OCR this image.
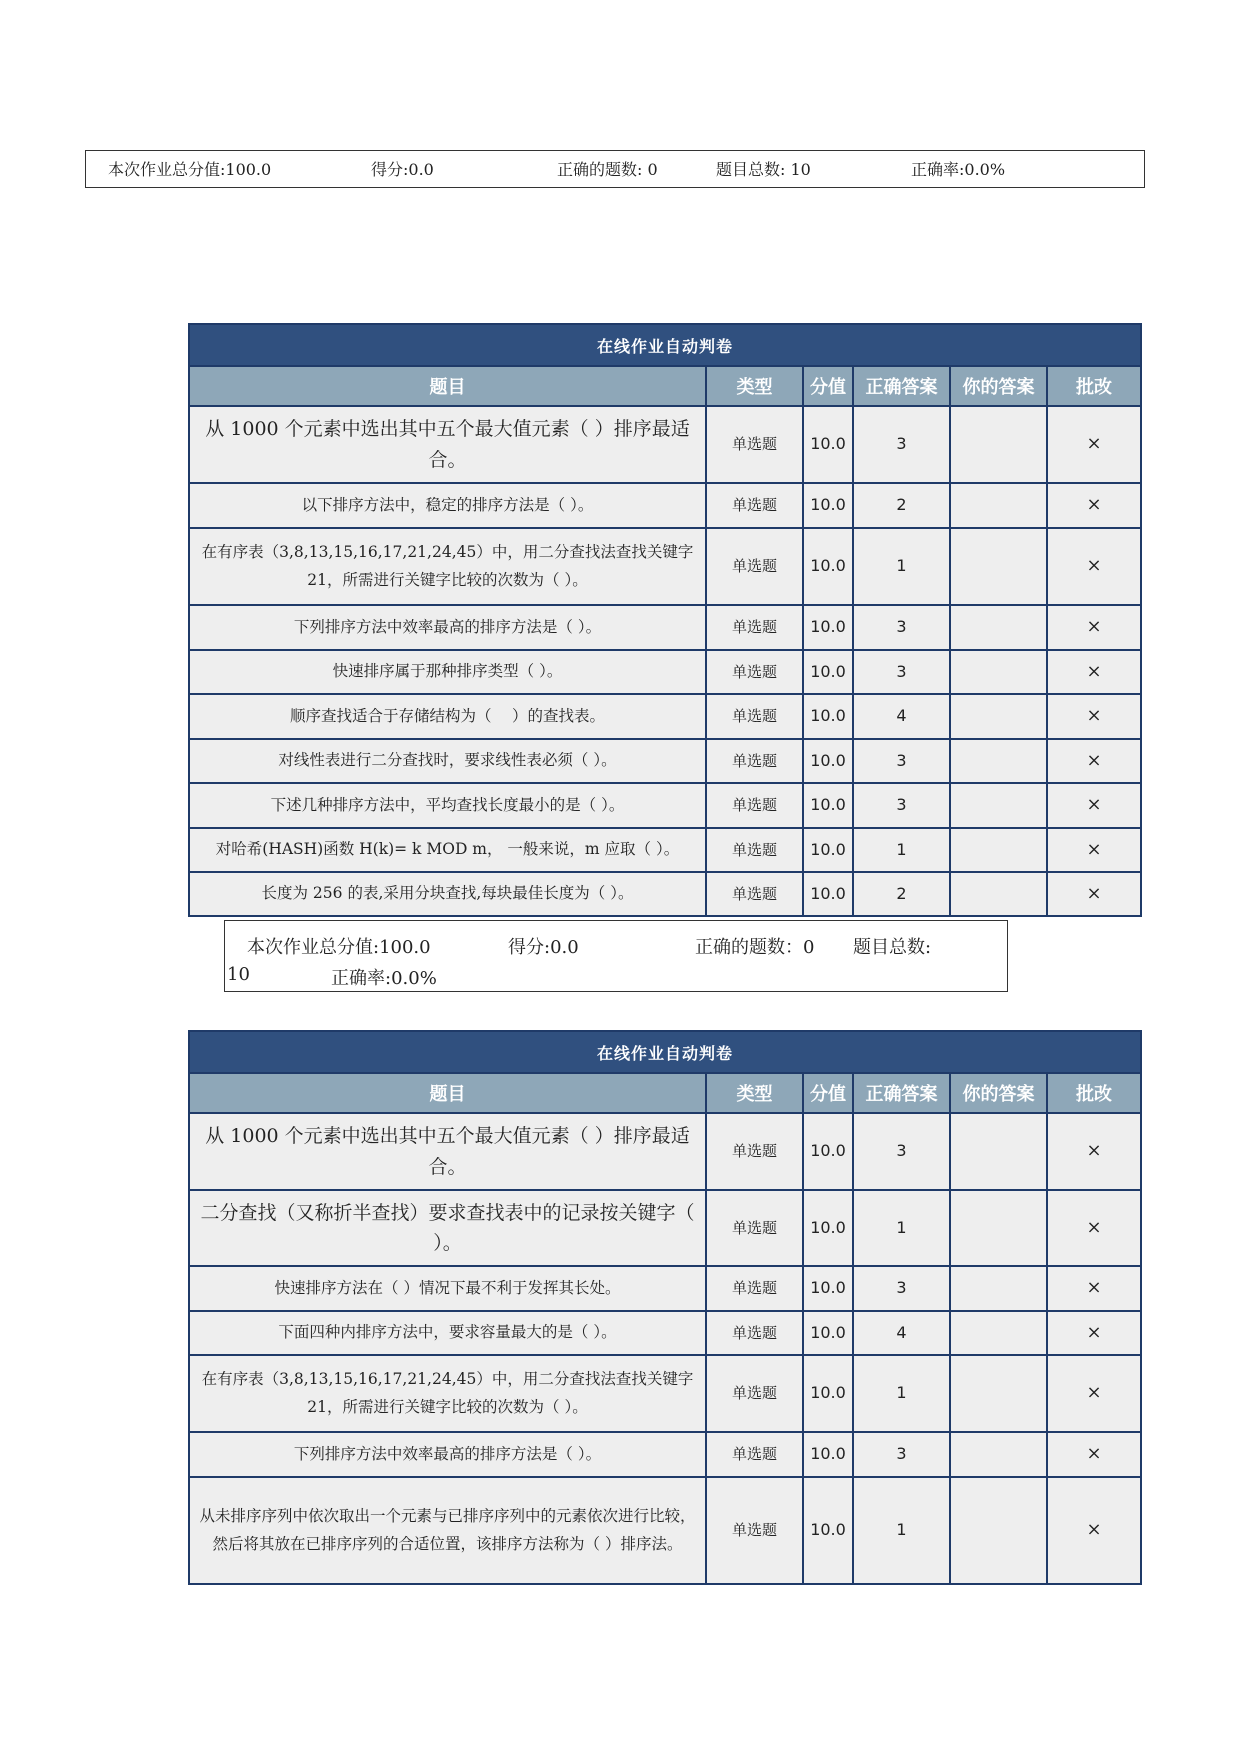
本次作业总分值:100.0	得分:0.0	正确的题数: 0	题目总数: 10	正确率:0.0%
在线作业自动判卷					
题目	类型	分值	正确答案	你的答案	批改
从 1000 个元素中选出其中五个最大值元素（ ）排序最适合。	单选题	10.0	3		×
以下排序方法中，稳定的排序方法是（ ）。	单选题	10.0	2		×
在有序表（3,8,13,15,16,17,21,24,45）中，用二分查找法查找关键字 21，所需进行关键字比较的次数为（ ）。	单选题	10.0	1		×
下列排序方法中效率最高的排序方法是（ ）。	单选题	10.0	3		×
快速排序属于那种排序类型（ ）。	单选题	10.0	3		×
顺序查找适合于存储结构为（　 ）的查找表。	单选题	10.0	4		×
对线性表进行二分查找时，要求线性表必须（ ）。	单选题	10.0	3		×
下述几种排序方法中，平均查找长度最小的是（ ）。	单选题	10.0	3		×
对哈希(HASH)函数 H(k)= k MOD m， 一般来说，m 应取（ ）。	单选题	10.0	1		×
长度为 256 的表,采用分块查找,每块最佳长度为（ ）。	单选题	10.0	2		×
本次作业总分值:100.0	得分:0.0	正确的题数：0 题目总数:
10	正确率:0.0%
在线作业自动判卷					
题目	类型	分值	正确答案	你的答案	批改
从 1000 个元素中选出其中五个最大值元素（ ）排序最适合。	单选题	10.0	3		×
二分查找（又称折半查找）要求查找表中的记录按关键字（ ）。	单选题	10.0	1		×
快速排序方法在（ ）情况下最不利于发挥其长处。	单选题	10.0	3		×
下面四种内排序方法中，要求容量最大的是（ ）。	单选题	10.0	4		×
在有序表（3,8,13,15,16,17,21,24,45）中，用二分查找法查找关键字 21，所需进行关键字比较的次数为（ ）。	单选题	10.0	1		×
下列排序方法中效率最高的排序方法是（ ）。	单选题	10.0	3		×
从未排序序列中依次取出一个元素与已排序序列中的元素依次进行比较，然后将其放在已排序序列的合适位置，该排序方法称为（ ）排序法。	单选题	10.0	1		×
